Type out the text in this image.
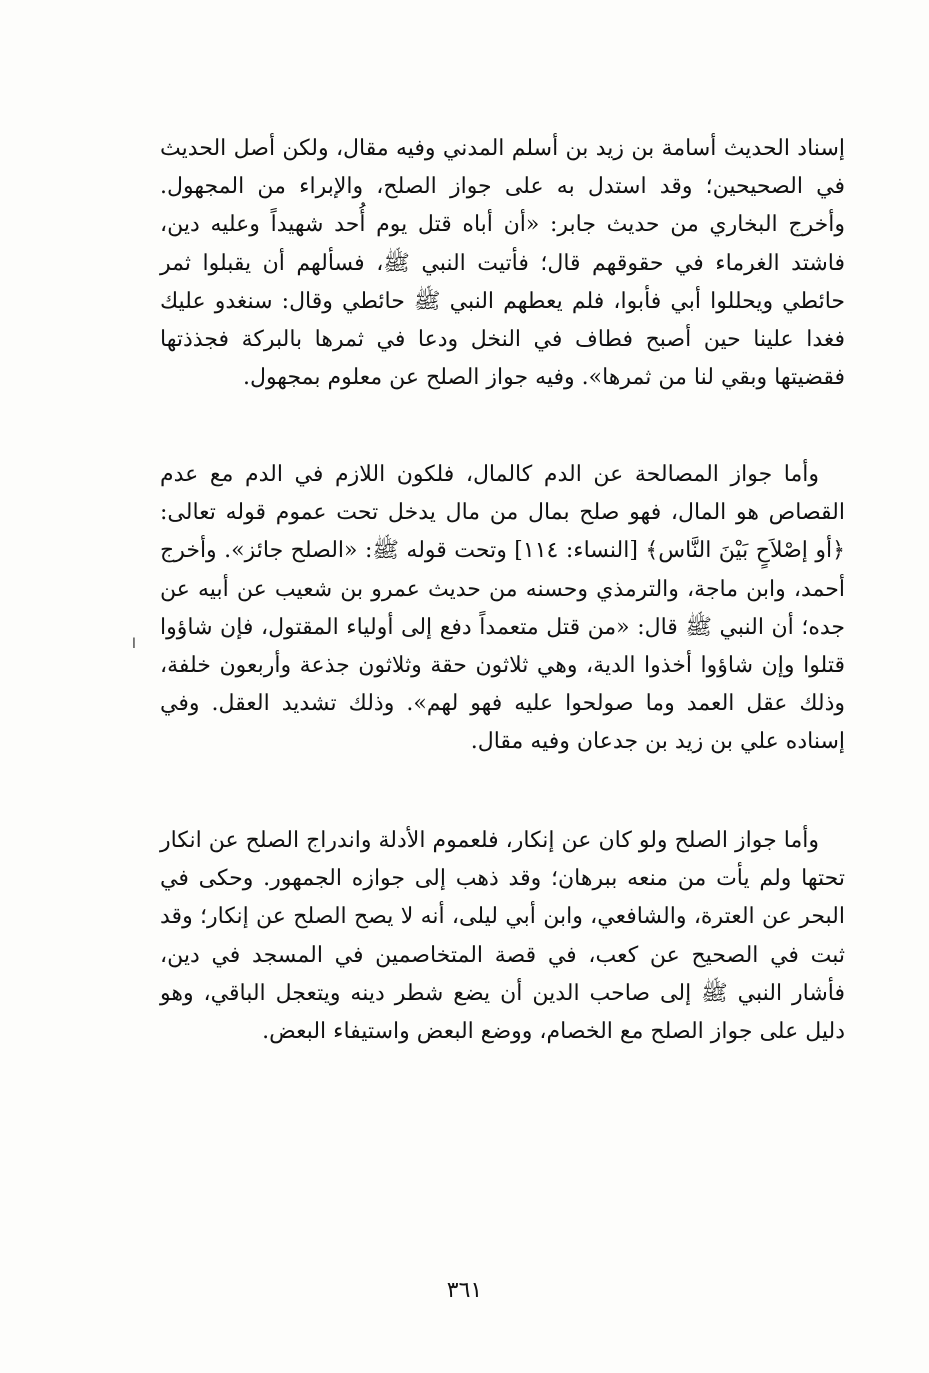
إسناد الحديث أسامة بن زيد بن أسلم المدني وفيه مقال، ولكن أصل الحديث في الصحيحين؛ وقد استدل به على جواز الصلح، والإبراء من المجهول. وأخرج البخاري من حديث جابر: «أن أباه قتل يوم أُحد شهيداً وعليه دين، فاشتد الغرماء في حقوقهم قال؛ فأتيت النبي ﷺ، فسألهم أن يقبلوا ثمر حائطي ويحللوا أبي فأبوا، فلم يعطهم النبي ﷺ حائطي وقال: سنغدو عليك فغدا علينا حين أصبح فطاف في النخل ودعا في ثمرها بالبركة فجذذتها فقضيتها وبقي لنا من ثمرها». وفيه جواز الصلح عن معلوم بمجهول.

وأما جواز المصالحة عن الدم كالمال، فلكون اللازم في الدم مع عدم القصاص هو المال، فهو صلح بمال من مال يدخل تحت عموم قوله تعالى: ﴿أو إصْلاَحٍ بَيْنَ النَّاس﴾ [النساء: ١١٤] وتحت قوله ﷺ: «الصلح جائز». وأخرج أحمد، وابن ماجة، والترمذي وحسنه من حديث عمرو بن شعيب عن أبيه عن جده؛ أن النبي ﷺ قال: «من قتل متعمداً دفع إلى أولياء المقتول، فإن شاؤوا قتلوا وإن شاؤوا أخذوا الدية، وهي ثلاثون حقة وثلاثون جذعة وأربعون خلفة، وذلك عقل العمد وما صولحوا عليه فهو لهم». وذلك تشديد العقل. وفي إسناده علي بن زيد بن جدعان وفيه مقال.

وأما جواز الصلح ولو كان عن إنكار، فلعموم الأدلة واندراج الصلح عن انكار تحتها ولم يأت من منعه ببرهان؛ وقد ذهب إلى جوازه الجمهور. وحكى في البحر عن العترة، والشافعي، وابن أبي ليلى، أنه لا يصح الصلح عن إنكار؛ وقد ثبت في الصحيح عن كعب، في قصة المتخاصمين في المسجد في دين، فأشار النبي ﷺ إلى صاحب الدين أن يضع شطر دينه ويتعجل الباقي، وهو دليل على جواز الصلح مع الخصام، ووضع البعض واستيفاء البعض.

ا
٣٦١
